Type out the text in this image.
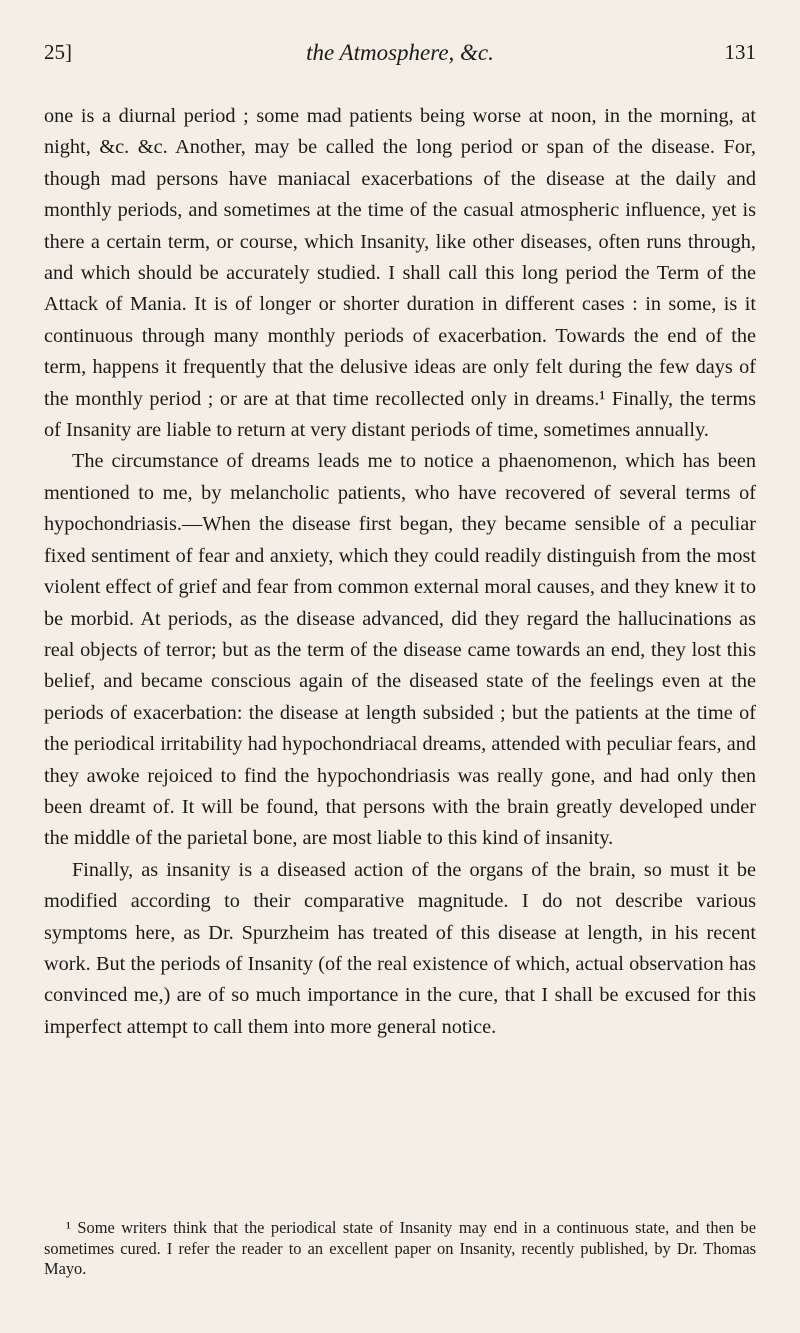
25]	the Atmosphere, &c.	131

one is a diurnal period ; some mad patients being worse at noon, in the morning, at night, &c. &c. Another, may be called the long period or span of the disease. For, though mad persons have maniacal exacerbations of the disease at the daily and monthly periods, and sometimes at the time of the casual atmospheric influence, yet is there a certain term, or course, which Insanity, like other diseases, often runs through, and which should be accurately studied. I shall call this long period the Term of the Attack of Mania. It is of longer or shorter duration in different cases : in some, is it continuous through many monthly periods of exacerbation. Towards the end of the term, happens it frequently that the delusive ideas are only felt during the few days of the monthly period ; or are at that time recollected only in dreams.¹ Finally, the terms of Insanity are liable to return at very distant periods of time, sometimes annually.

The circumstance of dreams leads me to notice a phaenomenon, which has been mentioned to me, by melancholic patients, who have recovered of several terms of hypochondriasis.—When the disease first began, they became sensible of a peculiar fixed sentiment of fear and anxiety, which they could readily distinguish from the most violent effect of grief and fear from common external moral causes, and they knew it to be morbid. At periods, as the disease advanced, did they regard the hallucinations as real objects of terror; but as the term of the disease came towards an end, they lost this belief, and became conscious again of the diseased state of the feelings even at the periods of exacerbation: the disease at length subsided ; but the patients at the time of the periodical irritability had hypochondriacal dreams, attended with peculiar fears, and they awoke rejoiced to find the hypochondriasis was really gone, and had only then been dreamt of. It will be found, that persons with the brain greatly developed under the middle of the parietal bone, are most liable to this kind of insanity.

Finally, as insanity is a diseased action of the organs of the brain, so must it be modified according to their comparative magnitude. I do not describe various symptoms here, as Dr. Spurzheim has treated of this disease at length, in his recent work. But the periods of Insanity (of the real existence of which, actual observation has convinced me,) are of so much importance in the cure, that I shall be excused for this imperfect attempt to call them into more general notice.

¹ Some writers think that the periodical state of Insanity may end in a continuous state, and then be sometimes cured. I refer the reader to an excellent paper on Insanity, recently published, by Dr. Thomas Mayo.
